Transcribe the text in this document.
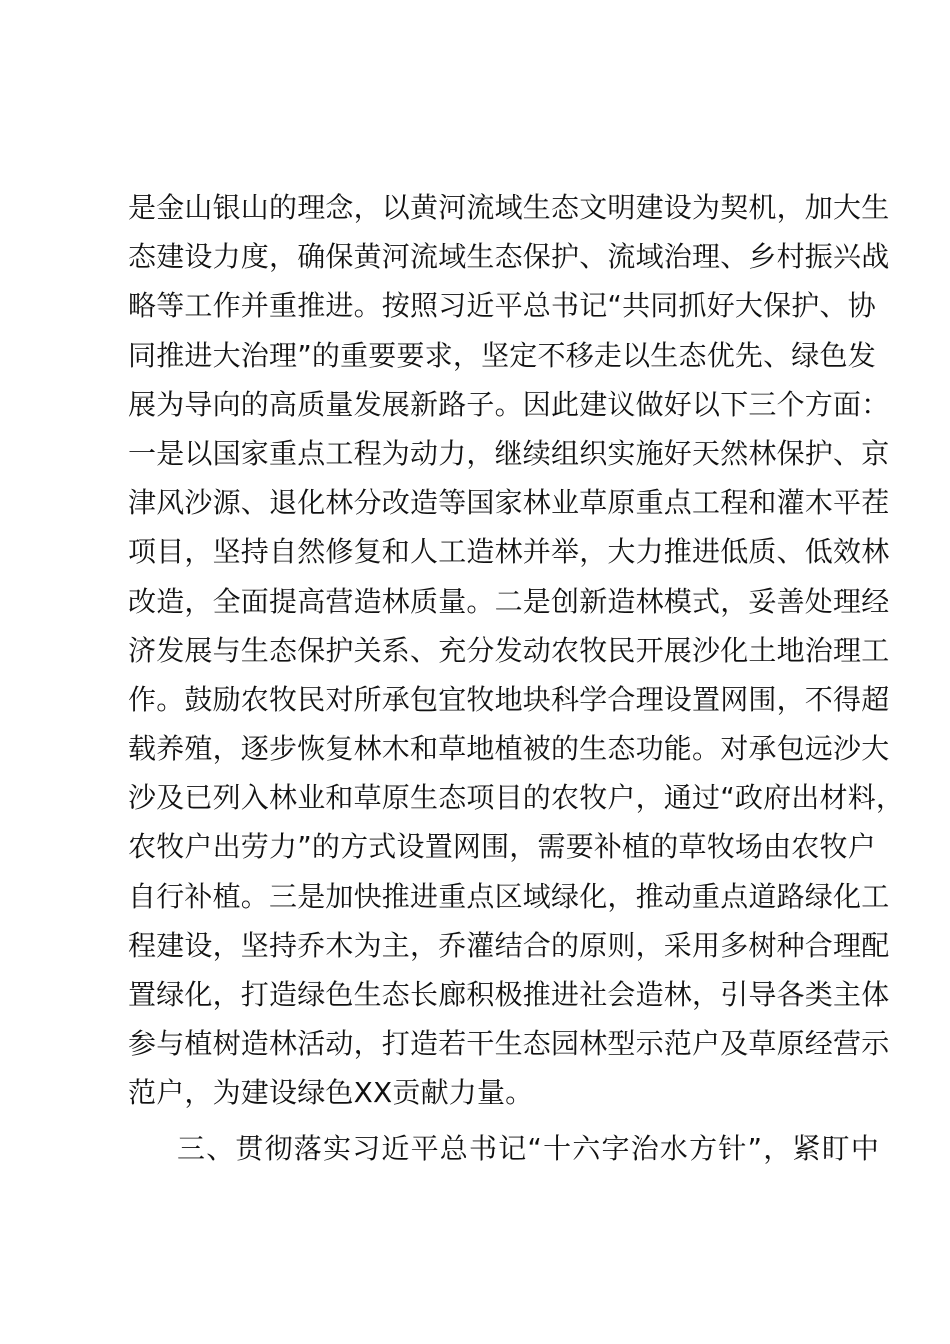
是金山银山的理念，以黄河流域生态文明建设为契机，加大生
态建设力度，确保黄河流域生态保护、流域治理、乡村振兴战
略等工作并重推进。按照习近平总书记“共同抓好大保护、协
同推进大治理”的重要要求，坚定不移走以生态优先、绿色发
展为导向的高质量发展新路子。因此建议做好以下三个方面：
一是以国家重点工程为动力，继续组织实施好天然林保护、京
津风沙源、退化林分改造等国家林业草原重点工程和灌木平茬
项目，坚持自然修复和人工造林并举，大力推进低质、低效林
改造，全面提高营造林质量。二是创新造林模式，妥善处理经
济发展与生态保护关系、充分发动农牧民开展沙化土地治理工
作。鼓励农牧民对所承包宜牧地块科学合理设置网围，不得超
载养殖，逐步恢复林木和草地植被的生态功能。对承包远沙大
沙及已列入林业和草原生态项目的农牧户，通过“政府出材料，
农牧户出劳力”的方式设置网围，需要补植的草牧场由农牧户
自行补植。三是加快推进重点区域绿化，推动重点道路绿化工
程建设，坚持乔木为主，乔灌结合的原则，采用多树种合理配
置绿化，打造绿色生态长廊积极推进社会造林，引导各类主体
参与植树造林活动，打造若干生态园林型示范户及草原经营示
范户，为建设绿色XX贡献力量。
三、贯彻落实习近平总书记“十六字治水方针”，紧盯中
